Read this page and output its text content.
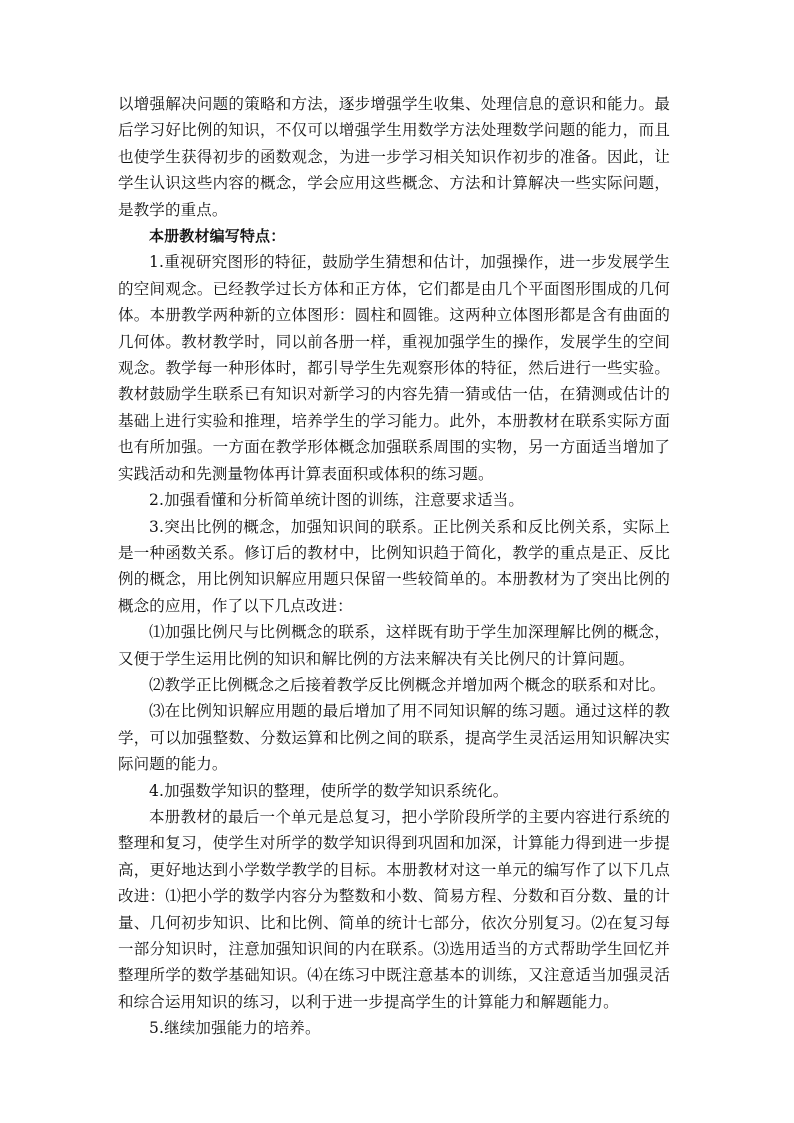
以增强解决问题的策略和方法，逐步增强学生收集、处理信息的意识和能力。最后学习好比例的知识，不仅可以增强学生用数学方法处理数学问题的能力，而且也使学生获得初步的函数观念，为进一步学习相关知识作初步的准备。因此，让学生认识这些内容的概念，学会应用这些概念、方法和计算解决一些实际问题，是教学的重点。

本册教材编写特点：

1.重视研究图形的特征，鼓励学生猜想和估计，加强操作，进一步发展学生的空间观念。已经教学过长方体和正方体，它们都是由几个平面图形围成的几何体。本册教学两种新的立体图形：圆柱和圆锥。这两种立体图形都是含有曲面的几何体。教材教学时，同以前各册一样，重视加强学生的操作，发展学生的空间观念。教学每一种形体时，都引导学生先观察形体的特征，然后进行一些实验。教材鼓励学生联系已有知识对新学习的内容先猜一猜或估一估，在猜测或估计的基础上进行实验和推理，培养学生的学习能力。此外，本册教材在联系实际方面也有所加强。一方面在教学形体概念加强联系周围的实物，另一方面适当增加了实践活动和先测量物体再计算表面积或体积的练习题。

2.加强看懂和分析简单统计图的训练，注意要求适当。

3.突出比例的概念，加强知识间的联系。正比例关系和反比例关系，实际上是一种函数关系。修订后的教材中，比例知识趋于简化，教学的重点是正、反比例的概念，用比例知识解应用题只保留一些较简单的。本册教材为了突出比例的概念的应用，作了以下几点改进：

⑴加强比例尺与比例概念的联系，这样既有助于学生加深理解比例的概念，又便于学生运用比例的知识和解比例的方法来解决有关比例尺的计算问题。

⑵教学正比例概念之后接着教学反比例概念并增加两个概念的联系和对比。

⑶在比例知识解应用题的最后增加了用不同知识解的练习题。通过这样的教学，可以加强整数、分数运算和比例之间的联系，提高学生灵活运用知识解决实际问题的能力。

4.加强数学知识的整理，使所学的数学知识系统化。

本册教材的最后一个单元是总复习，把小学阶段所学的主要内容进行系统的整理和复习，使学生对所学的数学知识得到巩固和加深，计算能力得到进一步提高，更好地达到小学数学教学的目标。本册教材对这一单元的编写作了以下几点改进：⑴把小学的数学内容分为整数和小数、简易方程、分数和百分数、量的计量、几何初步知识、比和比例、简单的统计七部分，依次分别复习。⑵在复习每一部分知识时，注意加强知识间的内在联系。⑶选用适当的方式帮助学生回忆并整理所学的数学基础知识。⑷在练习中既注意基本的训练，又注意适当加强灵活和综合运用知识的练习，以利于进一步提高学生的计算能力和解题能力。

5.继续加强能力的培养。
